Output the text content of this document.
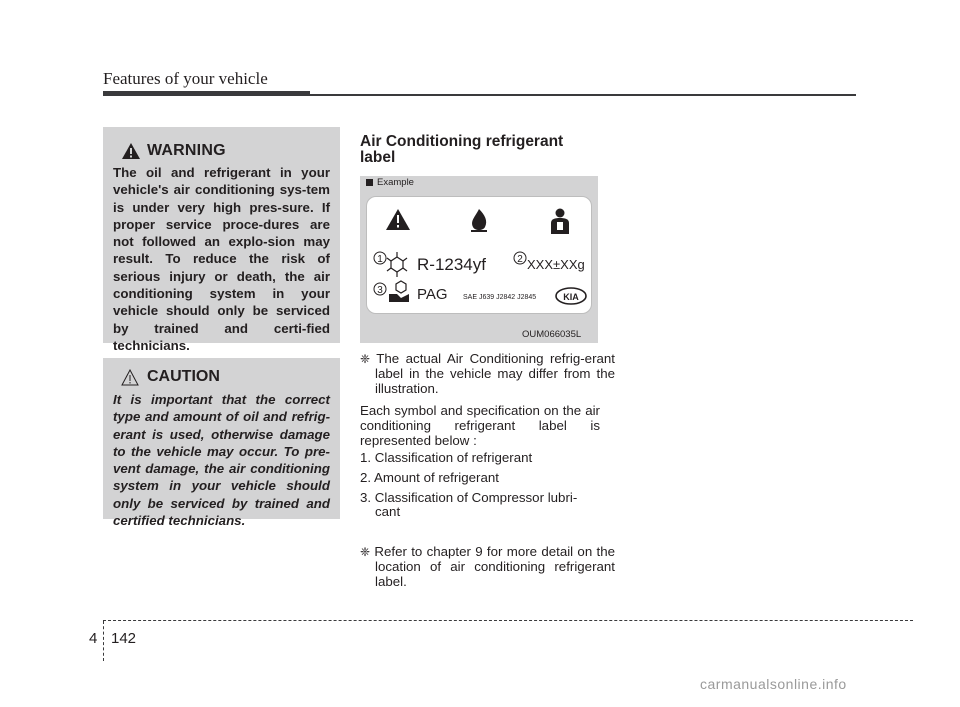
Features of your vehicle
WARNING
The oil and refrigerant in your vehicle's air conditioning sys-tem is under very high pres-sure. If proper service proce-dures are not followed an explo-sion may result. To reduce the risk of serious injury or death, the air conditioning system in your vehicle should only be serviced by trained and certi-fied technicians.
CAUTION
It is important that the correct type and amount of oil and refrig-erant is used, otherwise damage to the vehicle may occur. To pre-vent damage, the air conditioning system in your vehicle should only be serviced by trained and certified technicians.
Air Conditioning refrigerant label
Example
1	2
3
R-1234yf	XXX±XXg
PAG SAE J639 J2842 J2845	KIA
OUM066035L
❈ The actual Air Conditioning refrig-erant label in the vehicle may differ from the illustration.
Each symbol and specification on the air conditioning refrigerant label is represented below :
1. Classification of refrigerant
2. Amount of refrigerant
3. Classification of Compressor lubri-cant
❈ Refer to chapter 9 for more detail on the location of air conditioning refrigerant label.
4 142
carmanualsonline.info
